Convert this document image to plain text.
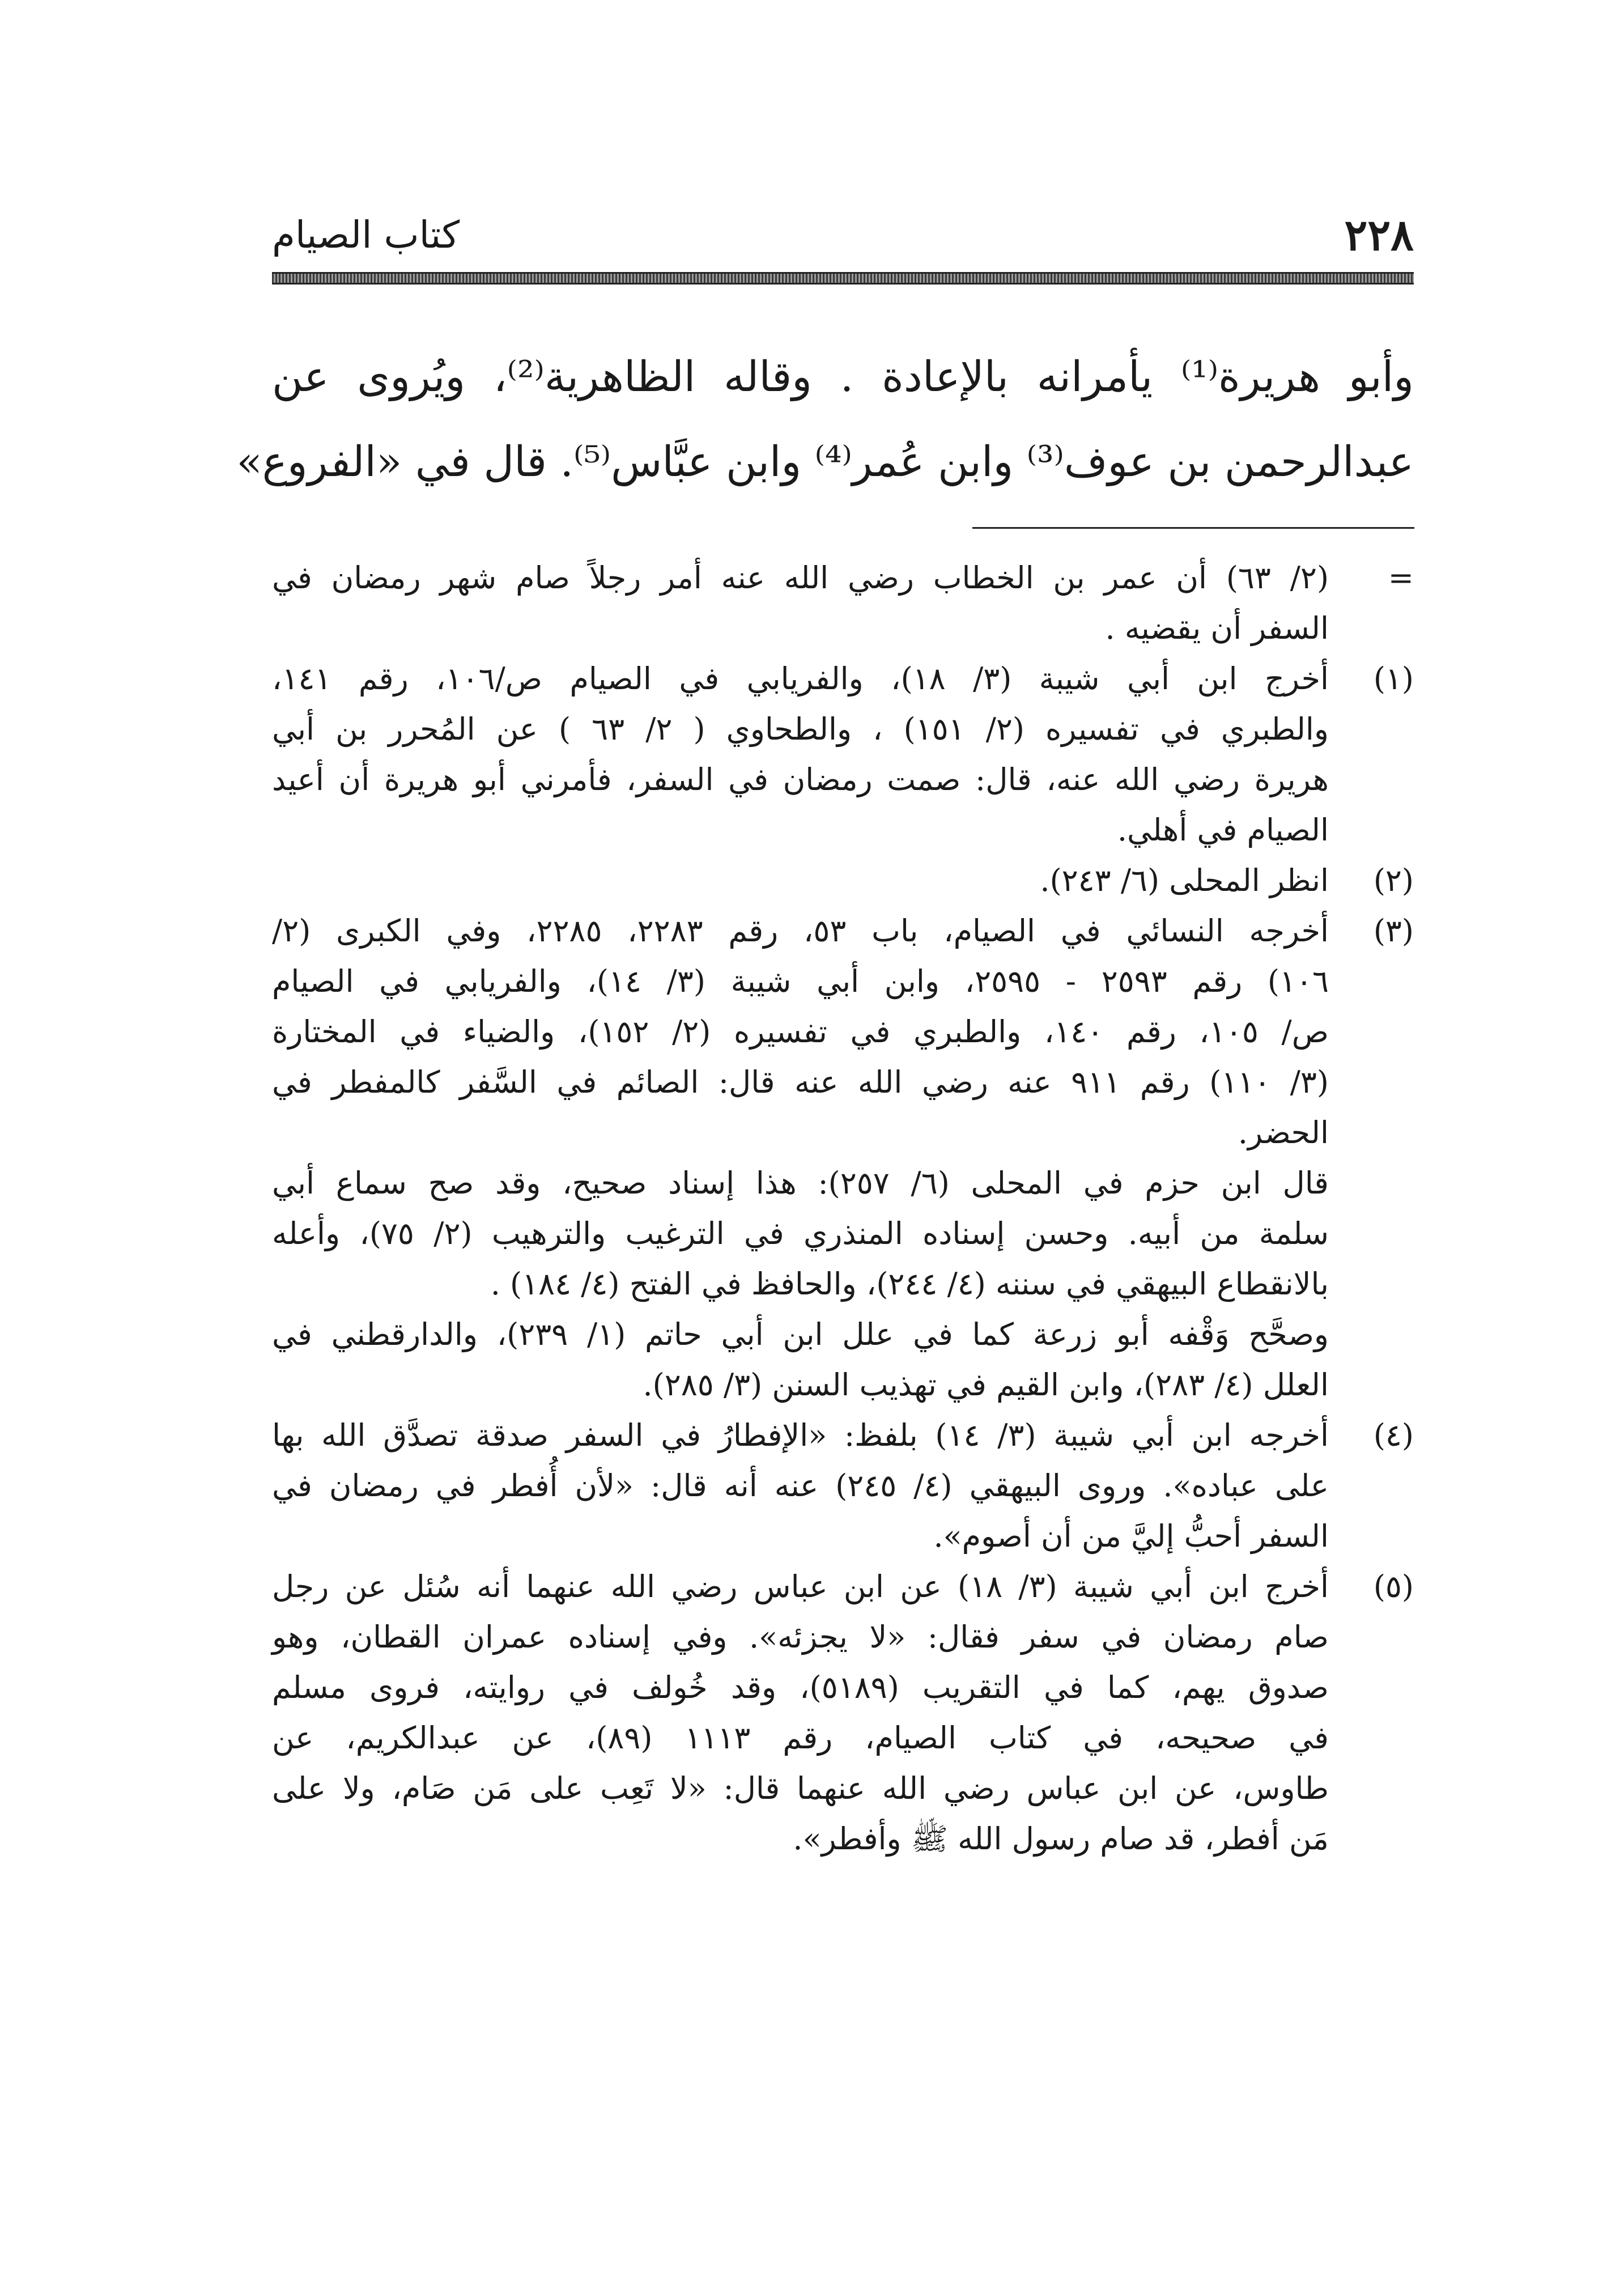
٢٢٨
كتاب الصيام
وأبو هريرة⁽¹⁾ يأمرانه بالإعادة . وقاله الظاهرية⁽²⁾، ويُروى عن
عبدالرحمن بن عوف⁽³⁾ وابن عُمر⁽⁴⁾ وابن عبَّاس⁽⁵⁾. قال في «الفروع»
=
(٢/ ٦٣) أن عمر بن الخطاب رضي الله عنه أمر رجلاً صام شهر رمضان في
السفر أن يقضيه .
(١)
أخرج ابن أبي شيبة (٣/ ١٨)، والفريابي في الصيام ص/١٠٦، رقم ١٤١،
والطبري في تفسيره (٢/ ١٥١) ، والطحاوي ( ٢/ ٦٣ ) عن المُحرر بن أبي
هريرة رضي الله عنه، قال: صمت رمضان في السفر، فأمرني أبو هريرة أن أعيد
الصيام في أهلي.
(٢)
انظر المحلى (٦/ ٢٤٣).
(٣)
أخرجه النسائي في الصيام، باب ٥٣، رقم ٢٢٨٣، ٢٢٨٥، وفي الكبرى (٢/
١٠٦) رقم ٢٥٩٣ - ٢٥٩٥، وابن أبي شيبة (٣/ ١٤)، والفريابي في الصيام
ص/ ١٠٥، رقم ١٤٠، والطبري في تفسيره (٢/ ١٥٢)، والضياء في المختارة
(٣/ ١١٠) رقم ٩١١ عنه رضي الله عنه قال: الصائم في السَّفر كالمفطر في
الحضر.
قال ابن حزم في المحلى (٦/ ٢٥٧): هذا إسناد صحيح، وقد صح سماع أبي
سلمة من أبيه. وحسن إسناده المنذري في الترغيب والترهيب (٢/ ٧٥)، وأعله
بالانقطاع البيهقي في سننه (٤/ ٢٤٤)، والحافظ في الفتح (٤/ ١٨٤) .
وصحَّح وَقْفه أبو زرعة كما في علل ابن أبي حاتم (١/ ٢٣٩)، والدارقطني في
العلل (٤/ ٢٨٣)، وابن القيم في تهذيب السنن (٣/ ٢٨٥).
(٤)
أخرجه ابن أبي شيبة (٣/ ١٤) بلفظ: «الإفطارُ في السفر صدقة تصدَّق الله بها
على عباده». وروى البيهقي (٤/ ٢٤٥) عنه أنه قال: «لأن أُفطر في رمضان في
السفر أحبُّ إليَّ من أن أصوم».
(٥)
أخرج ابن أبي شيبة (٣/ ١٨) عن ابن عباس رضي الله عنهما أنه سُئل عن رجل
صام رمضان في سفر فقال: «لا يجزئه». وفي إسناده عمران القطان، وهو
صدوق يهم، كما في التقريب (٥١٨٩)، وقد خُولف في روايته، فروى مسلم
في صحيحه، في كتاب الصيام، رقم ١١١٣ (٨٩)، عن عبدالكريم، عن
طاوس، عن ابن عباس رضي الله عنهما قال: «لا تَعِب على مَن صَام، ولا على
مَن أفطر، قد صام رسول الله ﷺ وأفطر».
